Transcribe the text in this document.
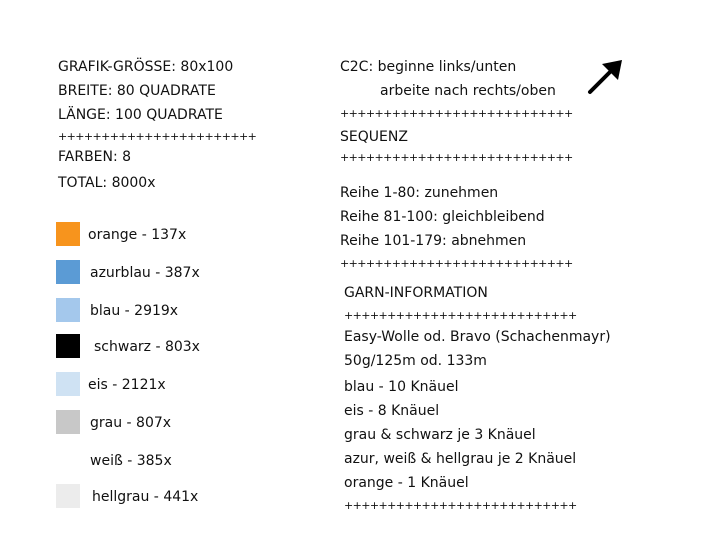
GRAFIK-GRÖSSE: 80x100
BREITE: 80 QUADRATE
LÄNGE: 100 QUADRATE
+++++++++++++++++++++++
FARBEN: 8
TOTAL: 8000x
orange - 137x
azurblau - 387x
blau - 2919x
schwarz - 803x
eis - 2121x
grau - 807x
weiß - 385x
hellgrau - 441x
C2C: beginne links/unten
arbeite nach rechts/oben
+++++++++++++++++++++++++++
SEQUENZ
+++++++++++++++++++++++++++
Reihe 1-80: zunehmen
Reihe 81-100: gleichbleibend
Reihe 101-179: abnehmen
+++++++++++++++++++++++++++
GARN-INFORMATION
+++++++++++++++++++++++++++
Easy-Wolle od. Bravo (Schachenmayr)
50g/125m od. 133m
blau - 10 Knäuel
eis - 8 Knäuel
grau & schwarz je 3 Knäuel
azur, weiß & hellgrau je 2 Knäuel
orange - 1 Knäuel
+++++++++++++++++++++++++++
